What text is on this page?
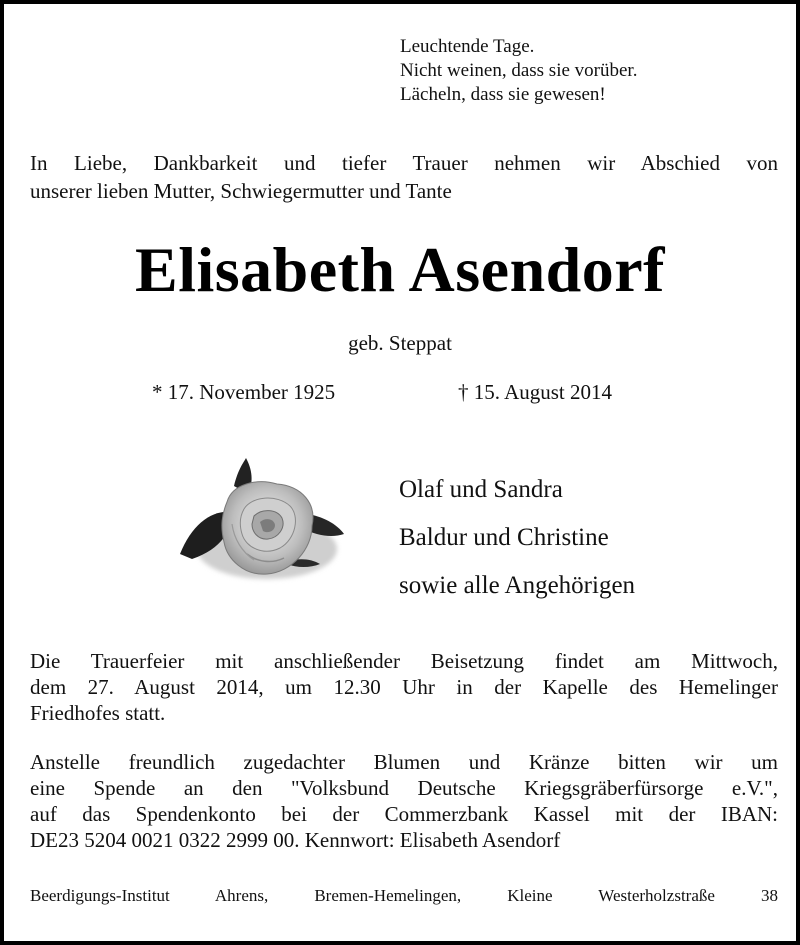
Leuchtende Tage.
Nicht weinen, dass sie vorüber.
Lächeln, dass sie gewesen!
In Liebe, Dankbarkeit und tiefer Trauer nehmen wir Abschied von
unserer lieben Mutter, Schwiegermutter und Tante
Elisabeth Asendorf
geb. Steppat
* 17. November 1925	† 15. August 2014
Olaf und Sandra
Baldur und Christine
sowie alle Angehörigen
Die Trauerfeier mit anschließender Beisetzung findet am Mittwoch,
dem 27. August 2014, um 12.30 Uhr in der Kapelle des Hemelinger
Friedhofes statt.
Anstelle freundlich zugedachter Blumen und Kränze bitten wir um
eine Spende an den "Volksbund Deutsche Kriegsgräberfürsorge e.V.",
auf das Spendenkonto bei der Commerzbank Kassel mit der IBAN:
DE23 5204 0021 0322 2999 00. Kennwort: Elisabeth Asendorf
Beerdigungs-Institut Ahrens, Bremen-Hemelingen, Kleine Westerholzstraße 38
